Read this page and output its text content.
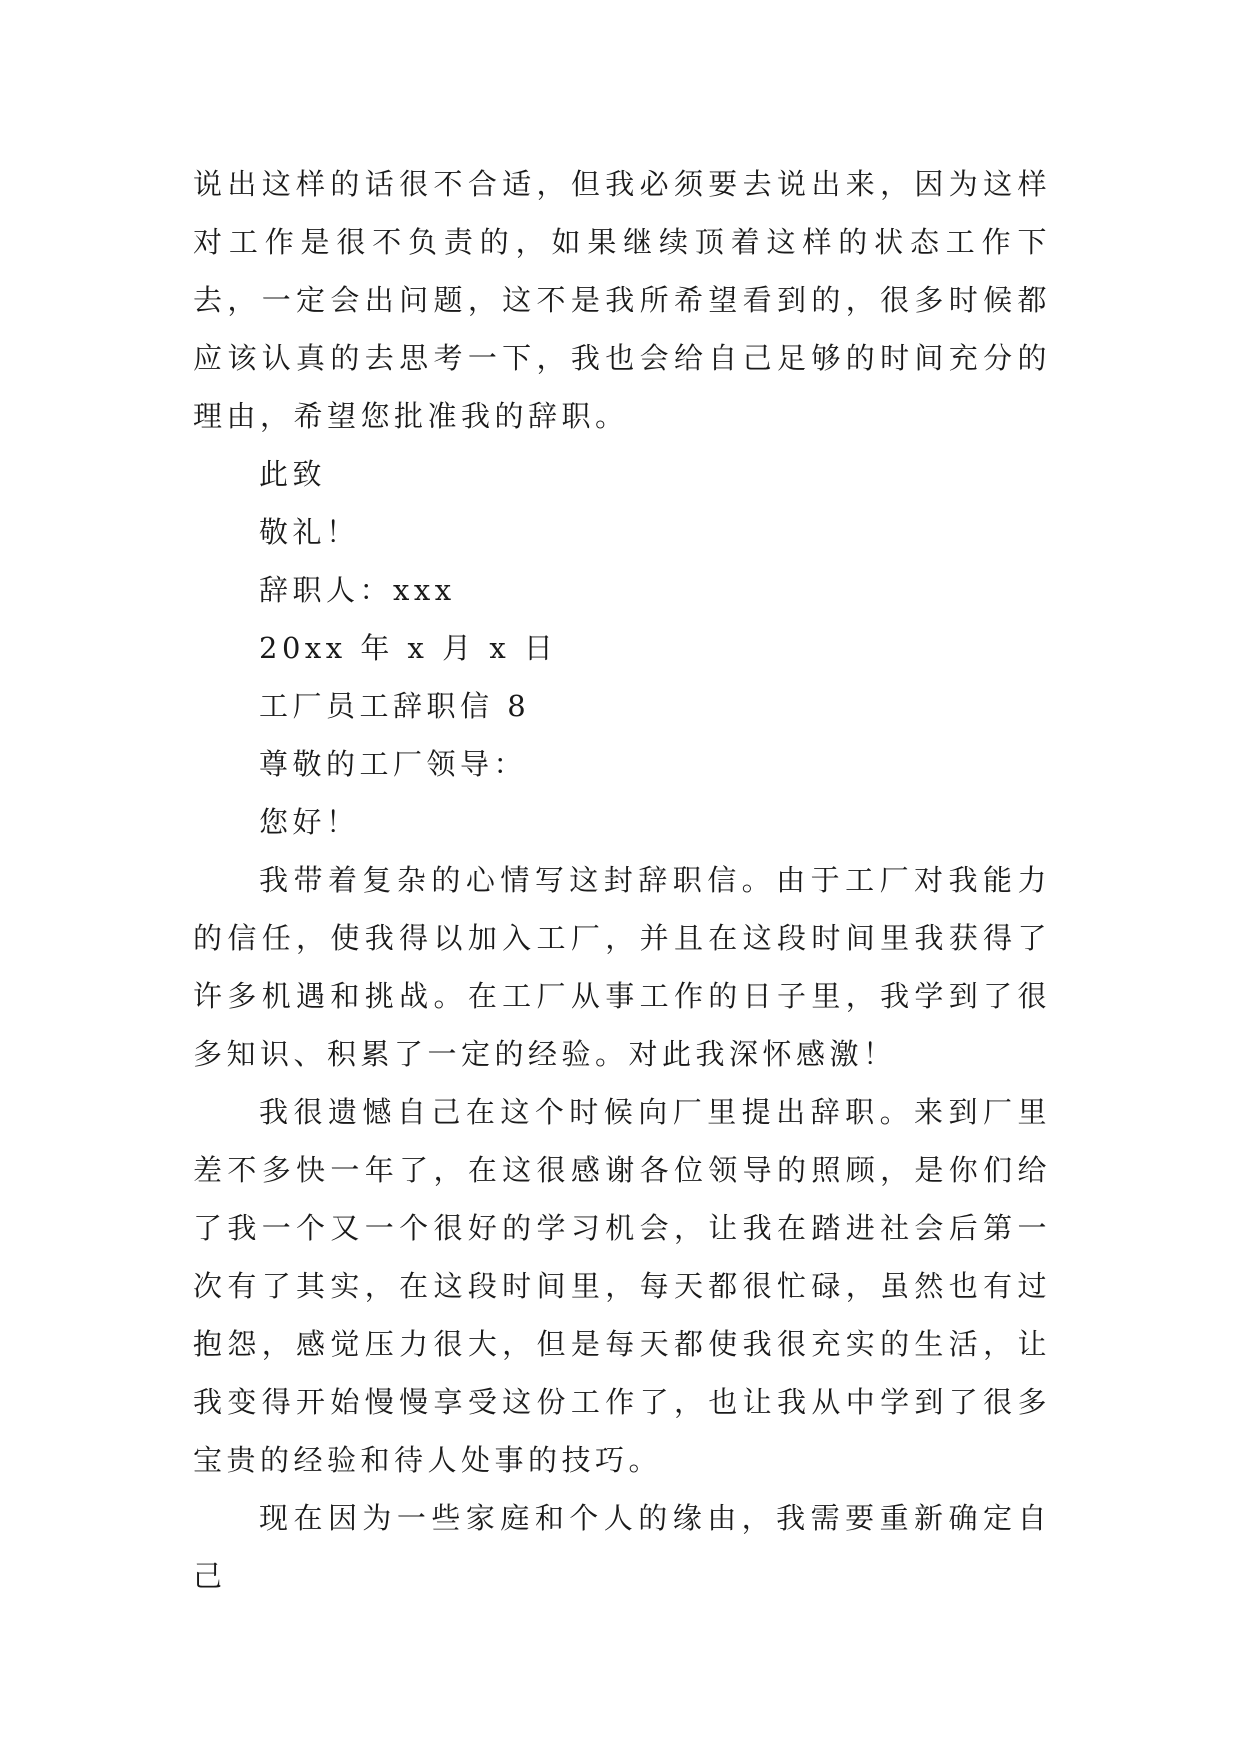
说出这样的话很不合适，但我必须要去说出来，因为这样对工作是很不负责的，如果继续顶着这样的状态工作下去，一定会出问题，这不是我所希望看到的，很多时候都应该认真的去思考一下，我也会给自己足够的时间充分的理由，希望您批准我的辞职。

此致

敬礼！

辞职人：xxx

20xx 年 x 月 x 日

工厂员工辞职信 8

尊敬的工厂领导：

您好！

我带着复杂的心情写这封辞职信。由于工厂对我能力的信任，使我得以加入工厂，并且在这段时间里我获得了许多机遇和挑战。在工厂从事工作的日子里，我学到了很多知识、积累了一定的经验。对此我深怀感激！

我很遗憾自己在这个时候向厂里提出辞职。来到厂里差不多快一年了，在这很感谢各位领导的照顾，是你们给了我一个又一个很好的学习机会，让我在踏进社会后第一次有了其实，在这段时间里，每天都很忙碌，虽然也有过抱怨，感觉压力很大，但是每天都使我很充实的生活，让我变得开始慢慢享受这份工作了，也让我从中学到了很多宝贵的经验和待人处事的技巧。

现在因为一些家庭和个人的缘由，我需要重新确定自己
